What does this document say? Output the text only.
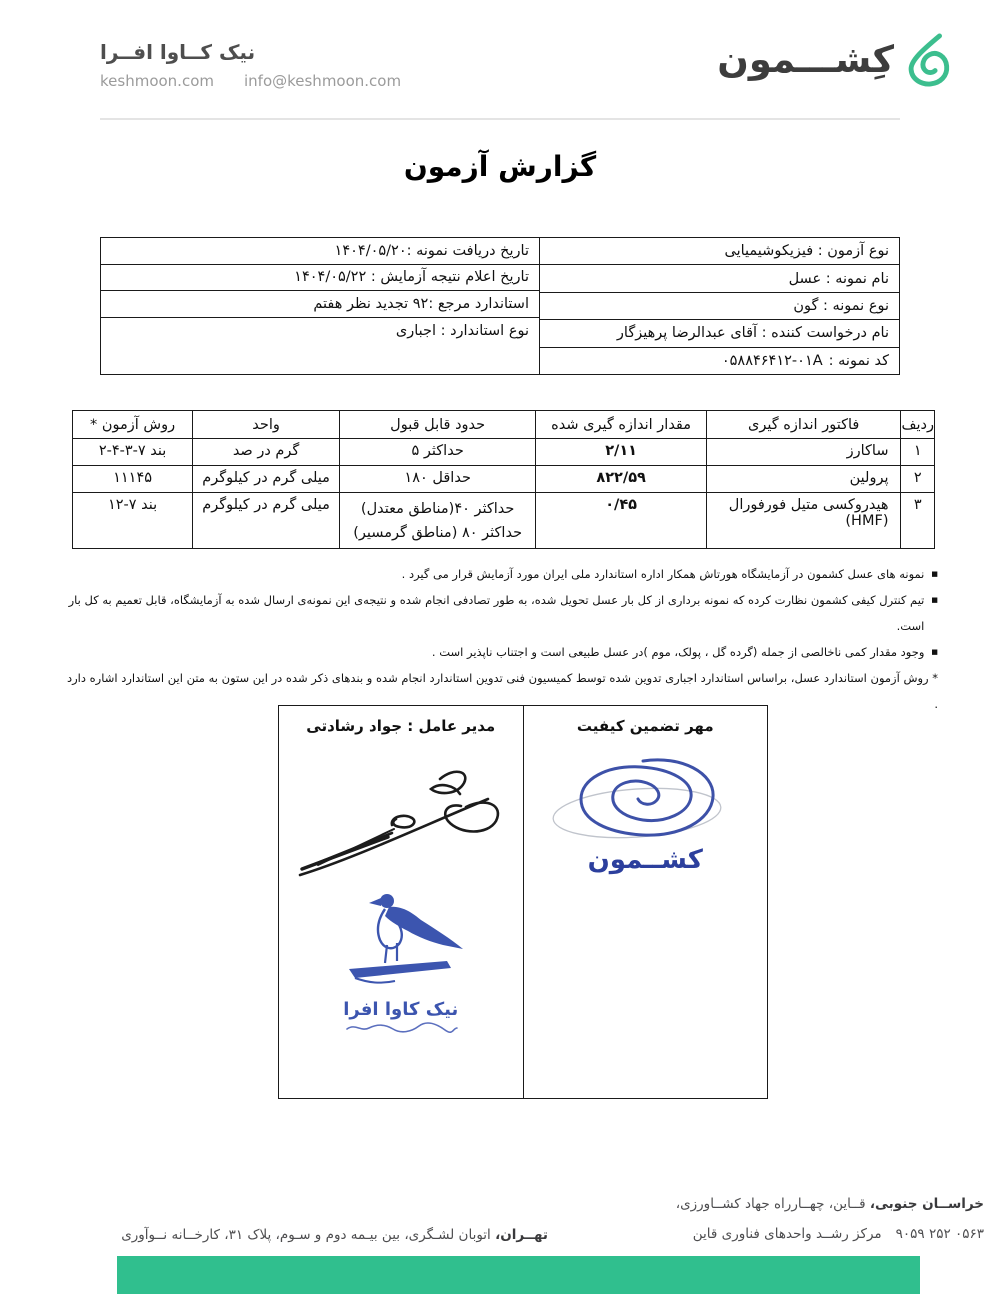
کِشـــمون
نیک کــاوا افــرا
keshmoon.com info@keshmoon.com
گزارش آزمون
نوع آزمون : فیزیکوشیمیایی
نام نمونه : عسل
نوع نمونه : گون
نام درخواست کننده : آقای عبدالرضا پرهیزگار
کد نمونه :
۰۵۸۸۴۶۴۱۲-۰۱A
تاریخ دریافت نمونه :۱۴۰۴/۰۵/۲۰
تاریخ اعلام نتیجه آزمایش : ۱۴۰۴/۰۵/۲۲
استاندارد مرجع :۹۲ تجدید نظر هفتم
نوع استاندارد : اجباری
ردیف	فاکتور اندازه گیری	مقدار اندازه گیری شده	حدود قابل قبول	واحد	روش آزمون *
۱	ساکارز	۲/۱۱	حداکثر ۵	گرم در صد	بند ۷-۳-۴-۲
۲	پرولین	۸۲۲/۵۹	حداقل ۱۸۰	میلی گرم در کیلوگرم	۱۱۱۴۵
۳	هیدروکسی متیل فورفورال (HMF)	۰/۴۵	حداکثر ۴۰(مناطق معتدل)
حداکثر ۸۰ (مناطق گرمسیر)	میلی گرم در کیلوگرم	بند ۷-۱۲
■
نمونه های عسل کشمون در آزمایشگاه هورتاش همکار اداره استاندارد ملی ایران مورد آزمایش قرار می گیرد .
■
تیم کنترل کیفی کشمون نظارت کرده که نمونه برداری از کل بار عسل تحویل شده، به طور تصادفی انجام شده و نتیجه‌ی این نمونه‌ی ارسال شده به آزمایشگاه، قابل تعمیم به کل بار است.
■
وجود مقدار کمی ناخالصی از جمله (گرده گل ، پولک، موم )در عسل طبیعی است و اجتناب ناپذیر است .
* روش آزمون استاندارد عسل، براساس استاندارد اجباری تدوین شده توسط کمیسیون فنی تدوین استاندارد انجام شده و بندهای ذکر شده در این ستون به متن این استاندارد اشاره دارد .
مهر تضمین کیفیت
کشــمون
مدیر عامل : جواد رشادتی
نیک کاوا افرا
خراســان جنوبی، قــاین، چهــارراه جهاد کشــاورزی،
مرکز رشــد واحدهای فناوری قاین ۹۰۵۹ ۲۵۲ ۰۵۶۳
تهــران، اتوبان لشـگری، بین بیـمه دوم و سـوم، پلاک ۳۱، کارخــانه نــوآوری
